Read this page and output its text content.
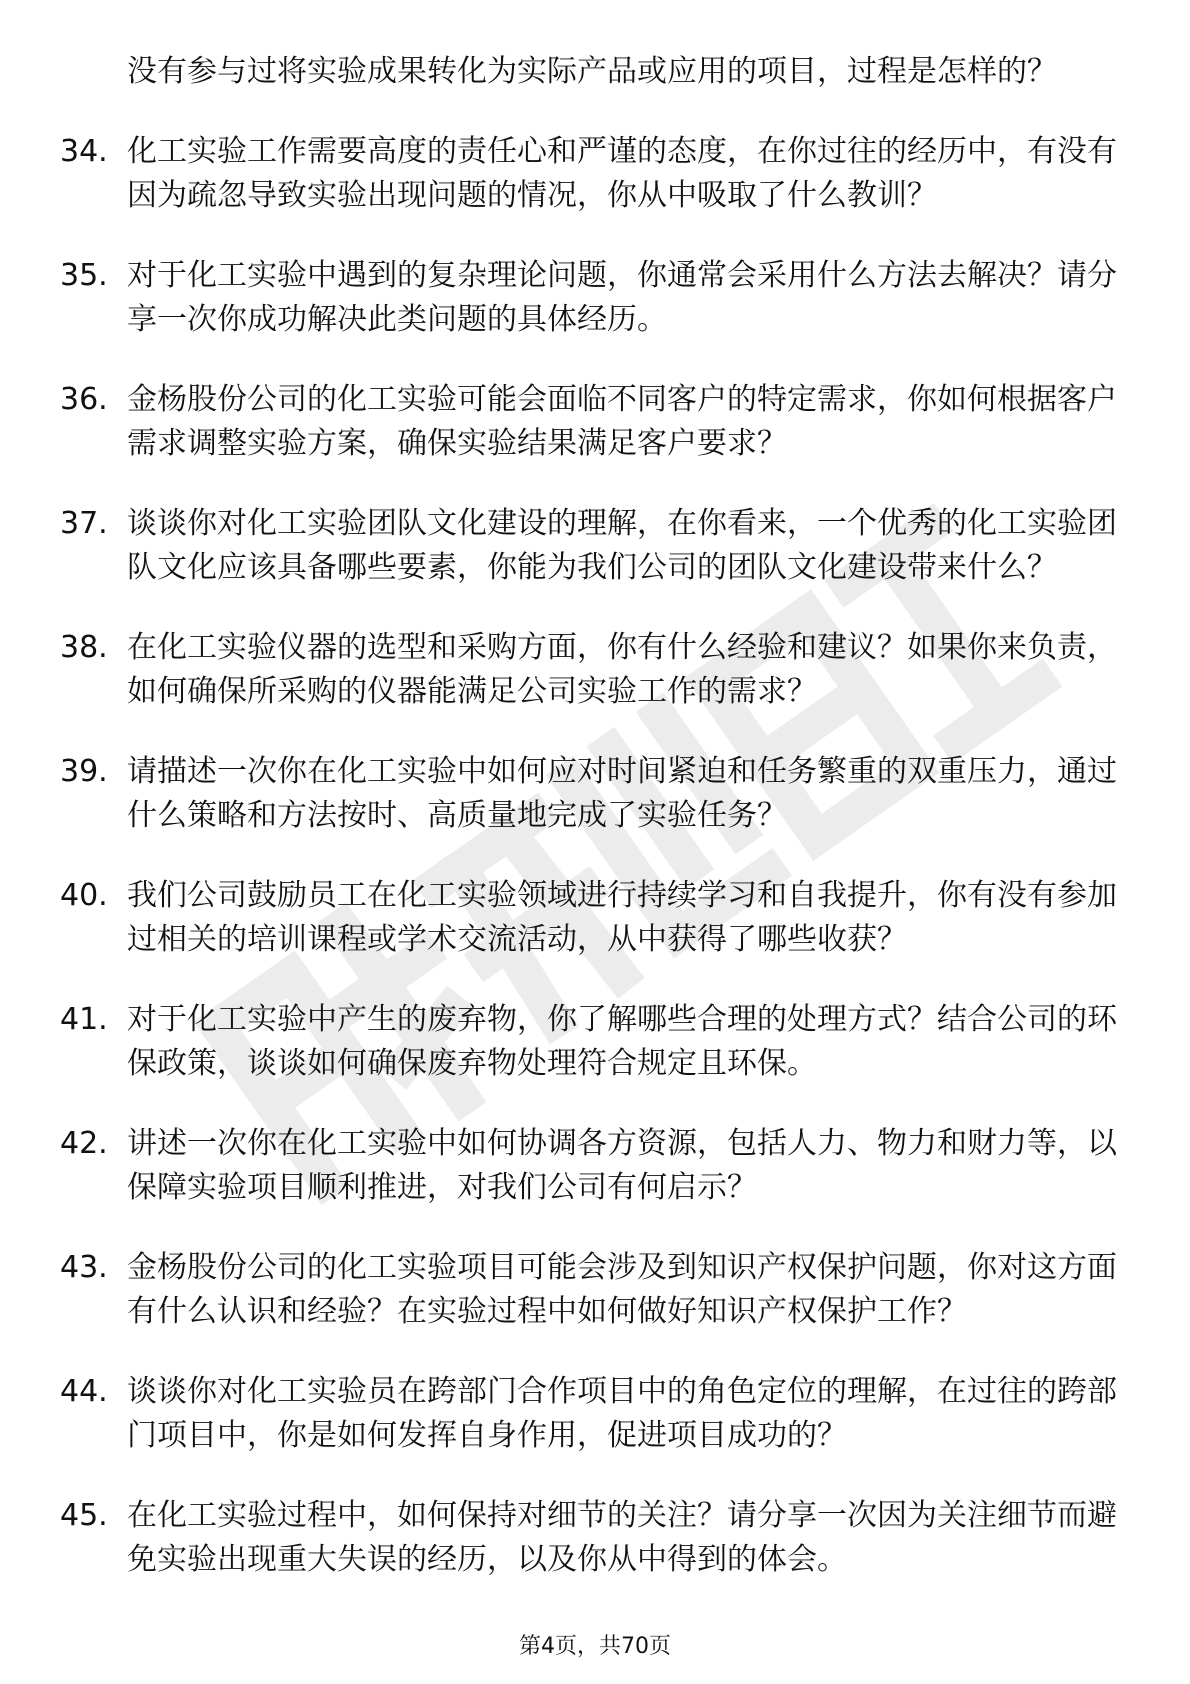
没有参与过将实验成果转化为实际产品或应用的项目，过程是怎样的？

34. 化工实验工作需要高度的责任心和严谨的态度，在你过往的经历中，有没有因为疏忽导致实验出现问题的情况，你从中吸取了什么教训？
35. 对于化工实验中遇到的复杂理论问题，你通常会采用什么方法去解决？请分享一次你成功解决此类问题的具体经历。
36. 金杨股份公司的化工实验可能会面临不同客户的特定需求，你如何根据客户需求调整实验方案，确保实验结果满足客户要求？
37. 谈谈你对化工实验团队文化建设的理解，在你看来，一个优秀的化工实验团队文化应该具备哪些要素，你能为我们公司的团队文化建设带来什么？
38. 在化工实验仪器的选型和采购方面，你有什么经验和建议？如果你来负责，如何确保所采购的仪器能满足公司实验工作的需求？
39. 请描述一次你在化工实验中如何应对时间紧迫和任务繁重的双重压力，通过什么策略和方法按时、高质量地完成了实验任务？
40. 我们公司鼓励员工在化工实验领域进行持续学习和自我提升，你有没有参加过相关的培训课程或学术交流活动，从中获得了哪些收获？
41. 对于化工实验中产生的废弃物，你了解哪些合理的处理方式？结合公司的环保政策，谈谈如何确保废弃物处理符合规定且环保。
42. 讲述一次你在化工实验中如何协调各方资源，包括人力、物力和财力等，以保障实验项目顺利推进，对我们公司有何启示？
43. 金杨股份公司的化工实验项目可能会涉及到知识产权保护问题，你对这方面有什么认识和经验？在实验过程中如何做好知识产权保护工作？
44. 谈谈你对化工实验员在跨部门合作项目中的角色定位的理解，在过往的跨部门项目中，你是如何发挥自身作用，促进项目成功的？
45. 在化工实验过程中，如何保持对细节的关注？请分享一次因为关注细节而避免实验出现重大失误的经历，以及你从中得到的体会。
第4页，共70页
